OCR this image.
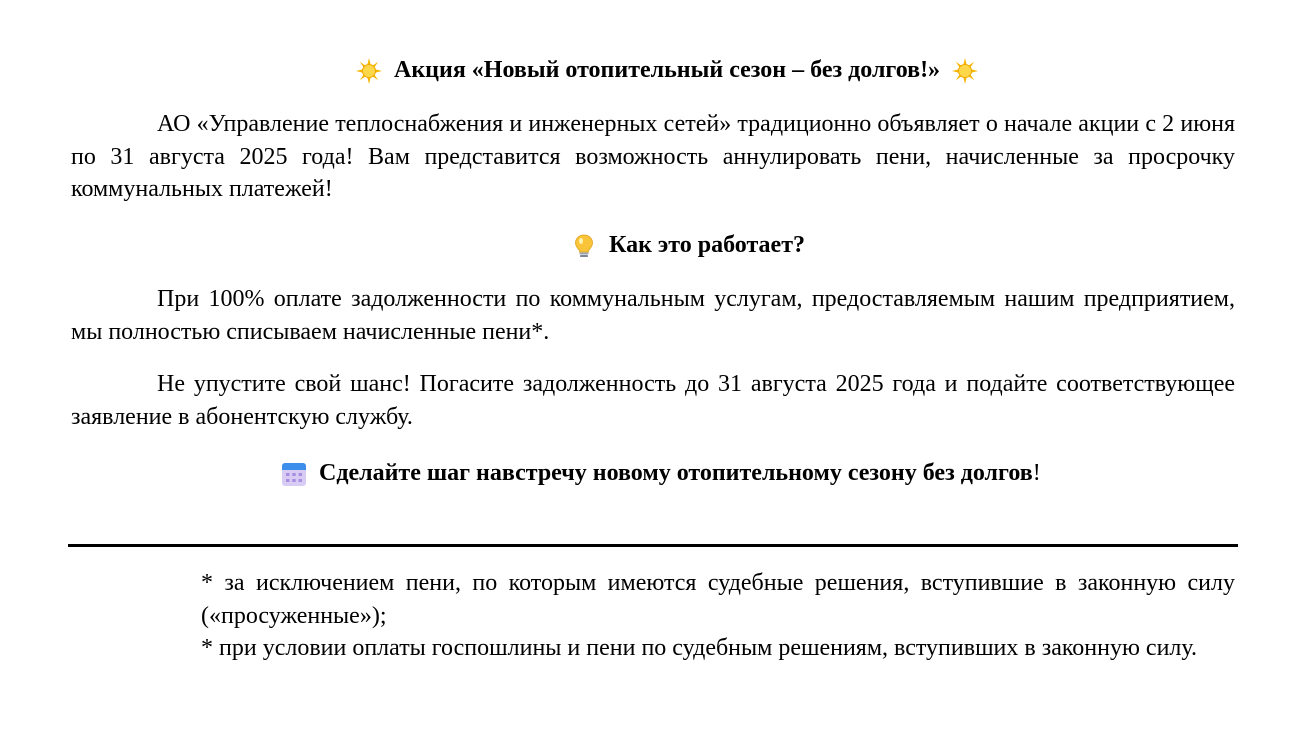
Акция «Новый отопительный сезон – без долгов!»

АО «Управление теплоснабжения и инженерных сетей» традиционно объявляет о начале акции с 2 июня по 31 августа 2025 года! Вам представится возможность аннулировать пени, начисленные за просрочку коммунальных платежей!

Как это работает?

При 100% оплате задолженности по коммунальным услугам, предоставляемым нашим предприятием, мы полностью списываем начисленные пени*.

Не упустите свой шанс! Погасите задолженность до 31 августа 2025 года и подайте соответствующее заявление в абонентскую службу.

Сделайте шаг навстречу новому отопительному сезону без долгов !
* за исключением пени, по которым имеются судебные решения, вступившие в законную силу («просуженные»);
* при условии оплаты госпошлины и пени по судебным решениям, вступивших в законную силу.
